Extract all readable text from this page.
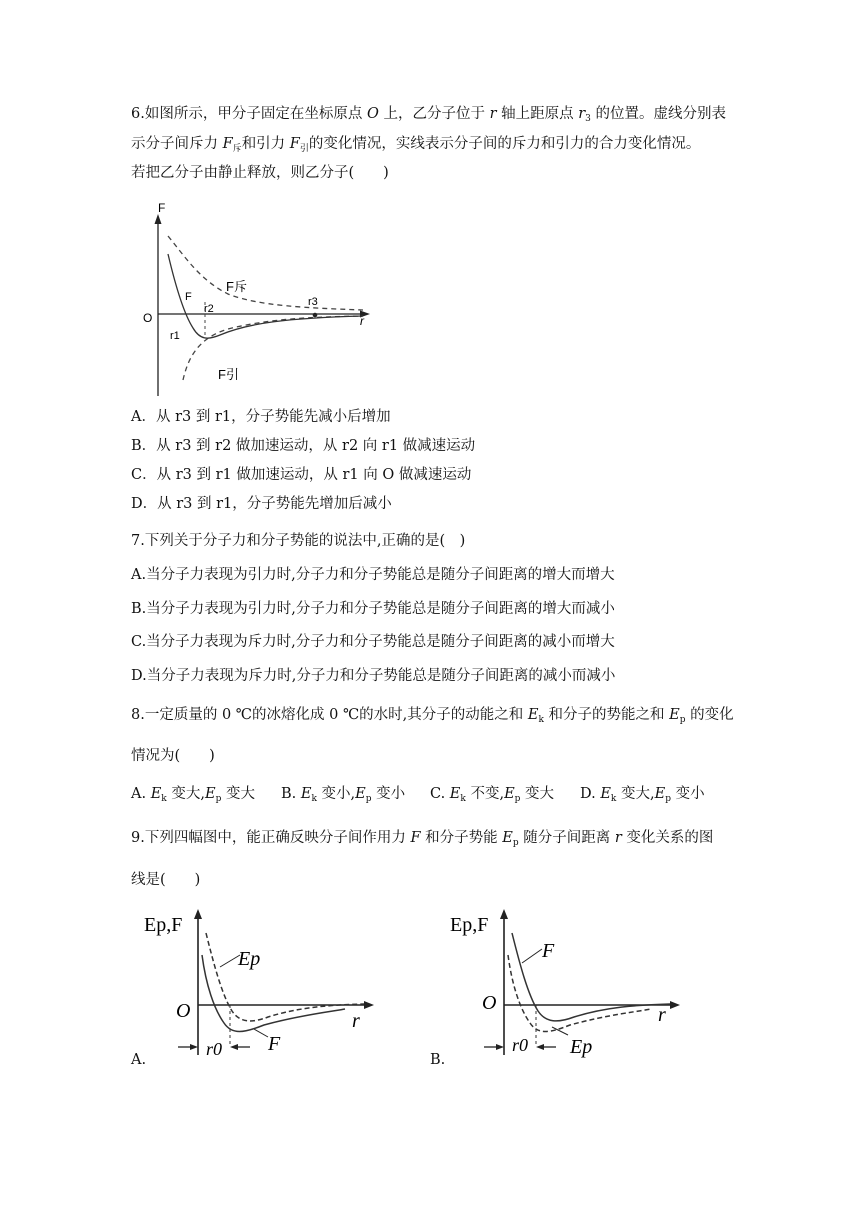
6.如图所示，甲分子固定在坐标原点 O 上，乙分子位于 r 轴上距原点 $r_3$ 的位置。虚线分别表
示分子间斥力 $F_斥$和引力 $F_引$的变化情况，实线表示分子间的斥力和引力的合力变化情况。
若把乙分子由静止释放，则乙分子(　　)
F
O	r
F
F斥
F引
r1
r2
r3
A．从 r3 到 r1，分子势能先减小后增加
B．从 r3 到 r2 做加速运动，从 r2 向 r1 做减速运动
C．从 r3 到 r1 做加速运动，从 r1 向 O 做减速运动
D．从 r3 到 r1，分子势能先增加后减小
7.下列关于分子力和分子势能的说法中,正确的是(　)
A.当分子力表现为引力时,分子力和分子势能总是随分子间距离的增大而增大
B.当分子力表现为引力时,分子力和分子势能总是随分子间距离的增大而减小
C.当分子力表现为斥力时,分子力和分子势能总是随分子间距离的减小而增大
D.当分子力表现为斥力时,分子力和分子势能总是随分子间距离的减小而减小
8.一定质量的 0 ℃的冰熔化成 0 ℃的水时,其分子的动能之和 $E_k$ 和分子的势能之和 $E_p$ 的变化
情况为(　　)
A. $E_k$ 变大$,E_p$ 变大 B. $E_k$ 变小$,E_p$ 变小 C. $E_k$ 不变$,E_p$ 变大 D. $E_k$ 变大$,E_p$ 变小
9.下列四幅图中，能正确反映分子间作用力 F 和分子势能 $E_p$ 随分子间距离 r 变化关系的图
线是(　　)
A.
Ep,F
Ep
F
O	r
r0
B.
Ep,F
F
Ep
O
r
r0
